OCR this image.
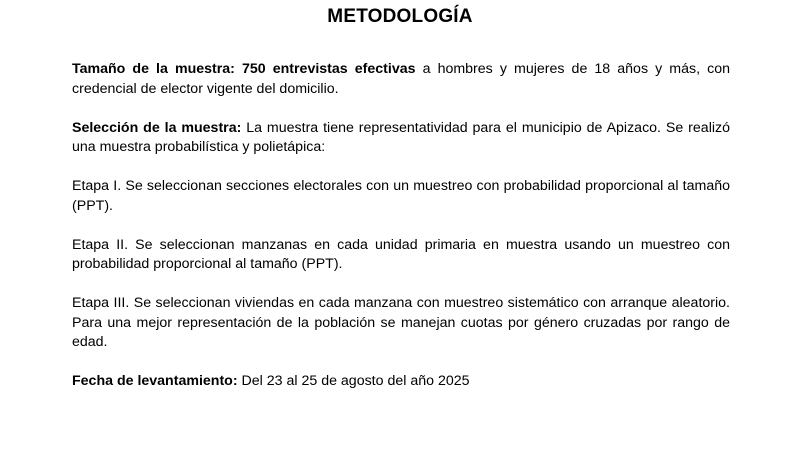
METODOLOGÍA

Tamaño de la muestra: 750 entrevistas efectivas a hombres y mujeres de 18 años y más, con credencial de elector vigente del domicilio.

Selección de la muestra: La muestra tiene representatividad para el municipio de Apizaco. Se realizó una muestra probabilística y polietápica:

Etapa I. Se seleccionan secciones electorales con un muestreo con probabilidad proporcional al tamaño (PPT).

Etapa II. Se seleccionan manzanas en cada unidad primaria en muestra usando un muestreo con probabilidad proporcional al tamaño (PPT).

Etapa III. Se seleccionan viviendas en cada manzana con muestreo sistemático con arranque aleatorio. Para una mejor representación de la población se manejan cuotas por género cruzadas por rango de edad.

Fecha de levantamiento: Del 23 al 25 de agosto del año 2025
